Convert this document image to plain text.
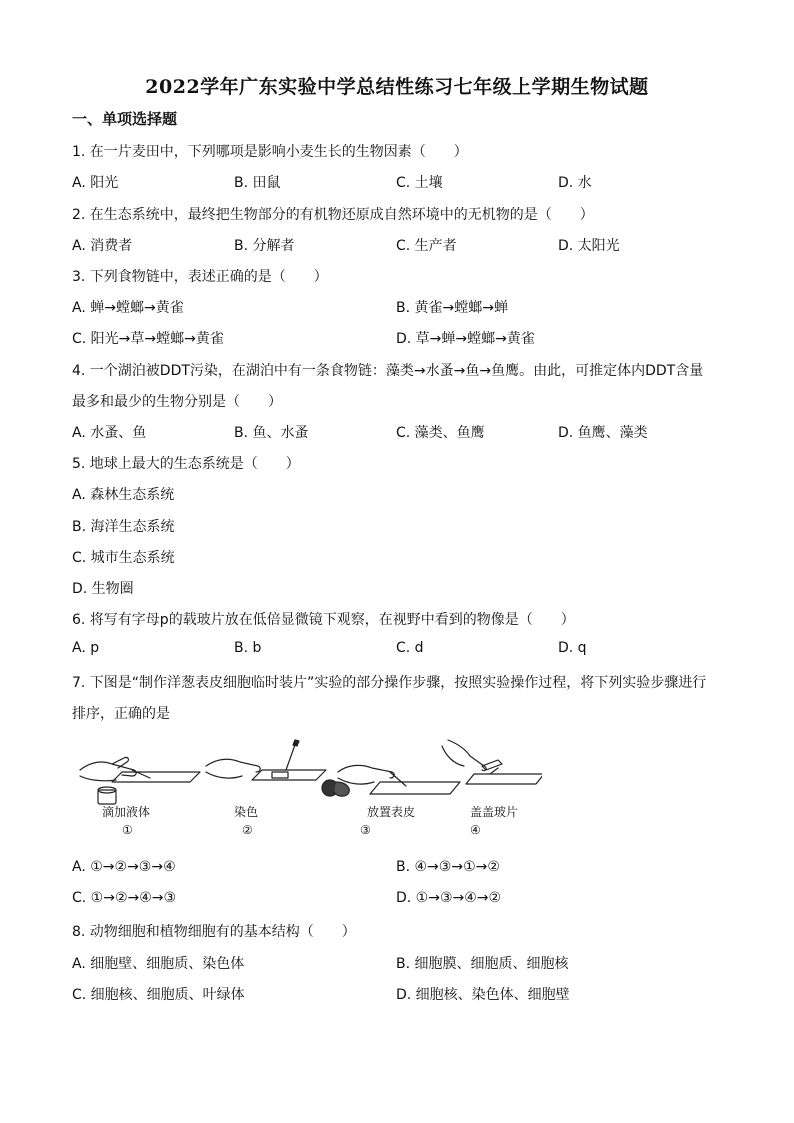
2022学年广东实验中学总结性练习七年级上学期生物试题
一、单项选择题
1. 在一片麦田中，下列哪项是影响小麦生长的生物因素（　　）
A. 阳光	B. 田鼠	C. 土壤	D. 水
2. 在生态系统中，最终把生物部分的有机物还原成自然环境中的无机物的是（　　）
A. 消费者	B. 分解者	C. 生产者	D. 太阳光
3. 下列食物链中，表述正确的是（　　）
A. 蝉→螳螂→黄雀	B. 黄雀→螳螂→蝉
C. 阳光→草→螳螂→黄雀	D. 草→蝉→螳螂→黄雀
4. 一个湖泊被DDT污染，在湖泊中有一条食物链：藻类→水蚤→鱼→鱼鹰。由此，可推定体内DDT含量
最多和最少的生物分别是（　　）
A. 水蚤、鱼	B. 鱼、水蚤	C. 藻类、鱼鹰	D. 鱼鹰、藻类
5. 地球上最大的生态系统是（　　）
A. 森林生态系统
B. 海洋生态系统
C. 城市生态系统
D. 生物圈
6. 将写有字母p的载玻片放在低倍显微镜下观察，在视野中看到的物像是（　　）
A. p	B. b	C. d	D. q
7. 下图是“制作洋葱表皮细胞临时装片”实验的部分操作步骤，按照实验操作过程，将下列实验步骤进行
排序，正确的是
滴加液体
①
染色
②
放置表皮
③
盖盖玻片
④
A. ①→②→③→④	B. ④→③→①→②
C. ①→②→④→③	D. ①→③→④→②
8. 动物细胞和植物细胞有的基本结构（　　）
A. 细胞壁、细胞质、染色体	B. 细胞膜、细胞质、细胞核
C. 细胞核、细胞质、叶绿体	D. 细胞核、染色体、细胞壁
